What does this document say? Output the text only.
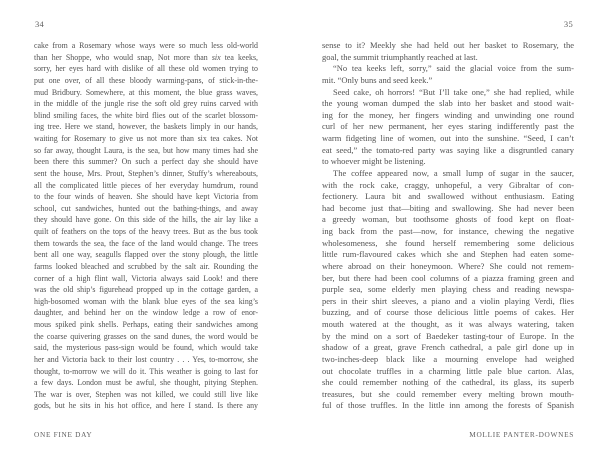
34
cake from a Rosemary whose ways were so much less old-world
than her Shoppe, who would snap, Not more than six tea keeks,
sorry, her eyes hard with dislike of all these old women trying to
put one over, of all these bloody warming-pans, of stick-in-the-
mud Bridbury. Somewhere, at this moment, the blue grass waves,
in the middle of the jungle rise the soft old grey ruins carved with
blind smiling faces, the white bird flies out of the scarlet blossom-
ing tree. Here we stand, however, the baskets limply in our hands,
waiting for Rosemary to give us not more than six tea cakes. Not
so far away, thought Laura, is the sea, but how many times had she
been there this summer? On such a perfect day she should have
sent the house, Mrs. Prout, Stephen’s dinner, Stuffy’s whereabouts,
all the complicated little pieces of her everyday humdrum, round
to the four winds of heaven. She should have kept Victoria from
school, cut sandwiches, hunted out the bathing-things, and away
they should have gone. On this side of the hills, the air lay like a
quilt of feathers on the tops of the heavy trees. But as the bus took
them towards the sea, the face of the land would change. The trees
bent all one way, seagulls flapped over the stony plough, the little
farms looked bleached and scrubbed by the salt air. Rounding the
corner of a high flint wall, Victoria always said Look! and there
was the old ship’s figurehead propped up in the cottage garden, a
high-bosomed woman with the blank blue eyes of the sea king’s
daughter, and behind her on the window ledge a row of enor-
mous spiked pink shells. Perhaps, eating their sandwiches among
the coarse quivering grasses on the sand dunes, the word would be
said, the mysterious pass-sign would be found, which would take
her and Victoria back to their lost country . . . Yes, to-morrow, she
thought, to-morrow we will do it. This weather is going to last for
a few days. London must be awful, she thought, pitying Stephen.
The war is over, Stephen was not killed, we could still live like
gods, but he sits in his hot office, and here I stand. Is there any
ONE FINE DAY
35
sense to it? Meekly she had held out her basket to Rosemary, the
goal, the summit triumphantly reached at last.
“No tea keeks left, sorry,” said the glacial voice from the sum-
mit. “Only buns and seed keek.”
Seed cake, oh horrors! “But I’ll take one,” she had replied, while
the young woman dumped the slab into her basket and stood wait-
ing for the money, her fingers winding and unwinding one round
curl of her new permanent, her eyes staring indifferently past the
warm fidgeting line of women, out into the sunshine. “Seed, I can’t
eat seed,” the tomato-red party was saying like a disgruntled canary
to whoever might be listening.
The coffee appeared now, a small lump of sugar in the saucer,
with the rock cake, craggy, unhopeful, a very Gibraltar of con-
fectionery. Laura bit and swallowed without enthusiasm. Eating
had become just that—biting and swallowing. She had never been
a greedy woman, but toothsome ghosts of food kept on float-
ing back from the past—now, for instance, chewing the negative
wholesomeness, she found herself remembering some delicious
little rum-flavoured cakes which she and Stephen had eaten some-
where abroad on their honeymoon. Where? She could not remem-
ber, but there had been cool columns of a piazza framing green and
purple sea, some elderly men playing chess and reading newspa-
pers in their shirt sleeves, a piano and a violin playing Verdi, flies
buzzing, and of course those delicious little poems of cakes. Her
mouth watered at the thought, as it was always watering, taken
by the mind on a sort of Baedeker tasting-tour of Europe. In the
shadow of a great, grave French cathedral, a pale girl done up in
two-inches-deep black like a mourning envelope had weighed
out chocolate truffles in a charming little pale blue carton. Alas,
she could remember nothing of the cathedral, its glass, its superb
treasures, but she could remember every melting brown mouth-
ful of those truffles. In the little inn among the forests of Spanish
MOLLIE PANTER-DOWNES
